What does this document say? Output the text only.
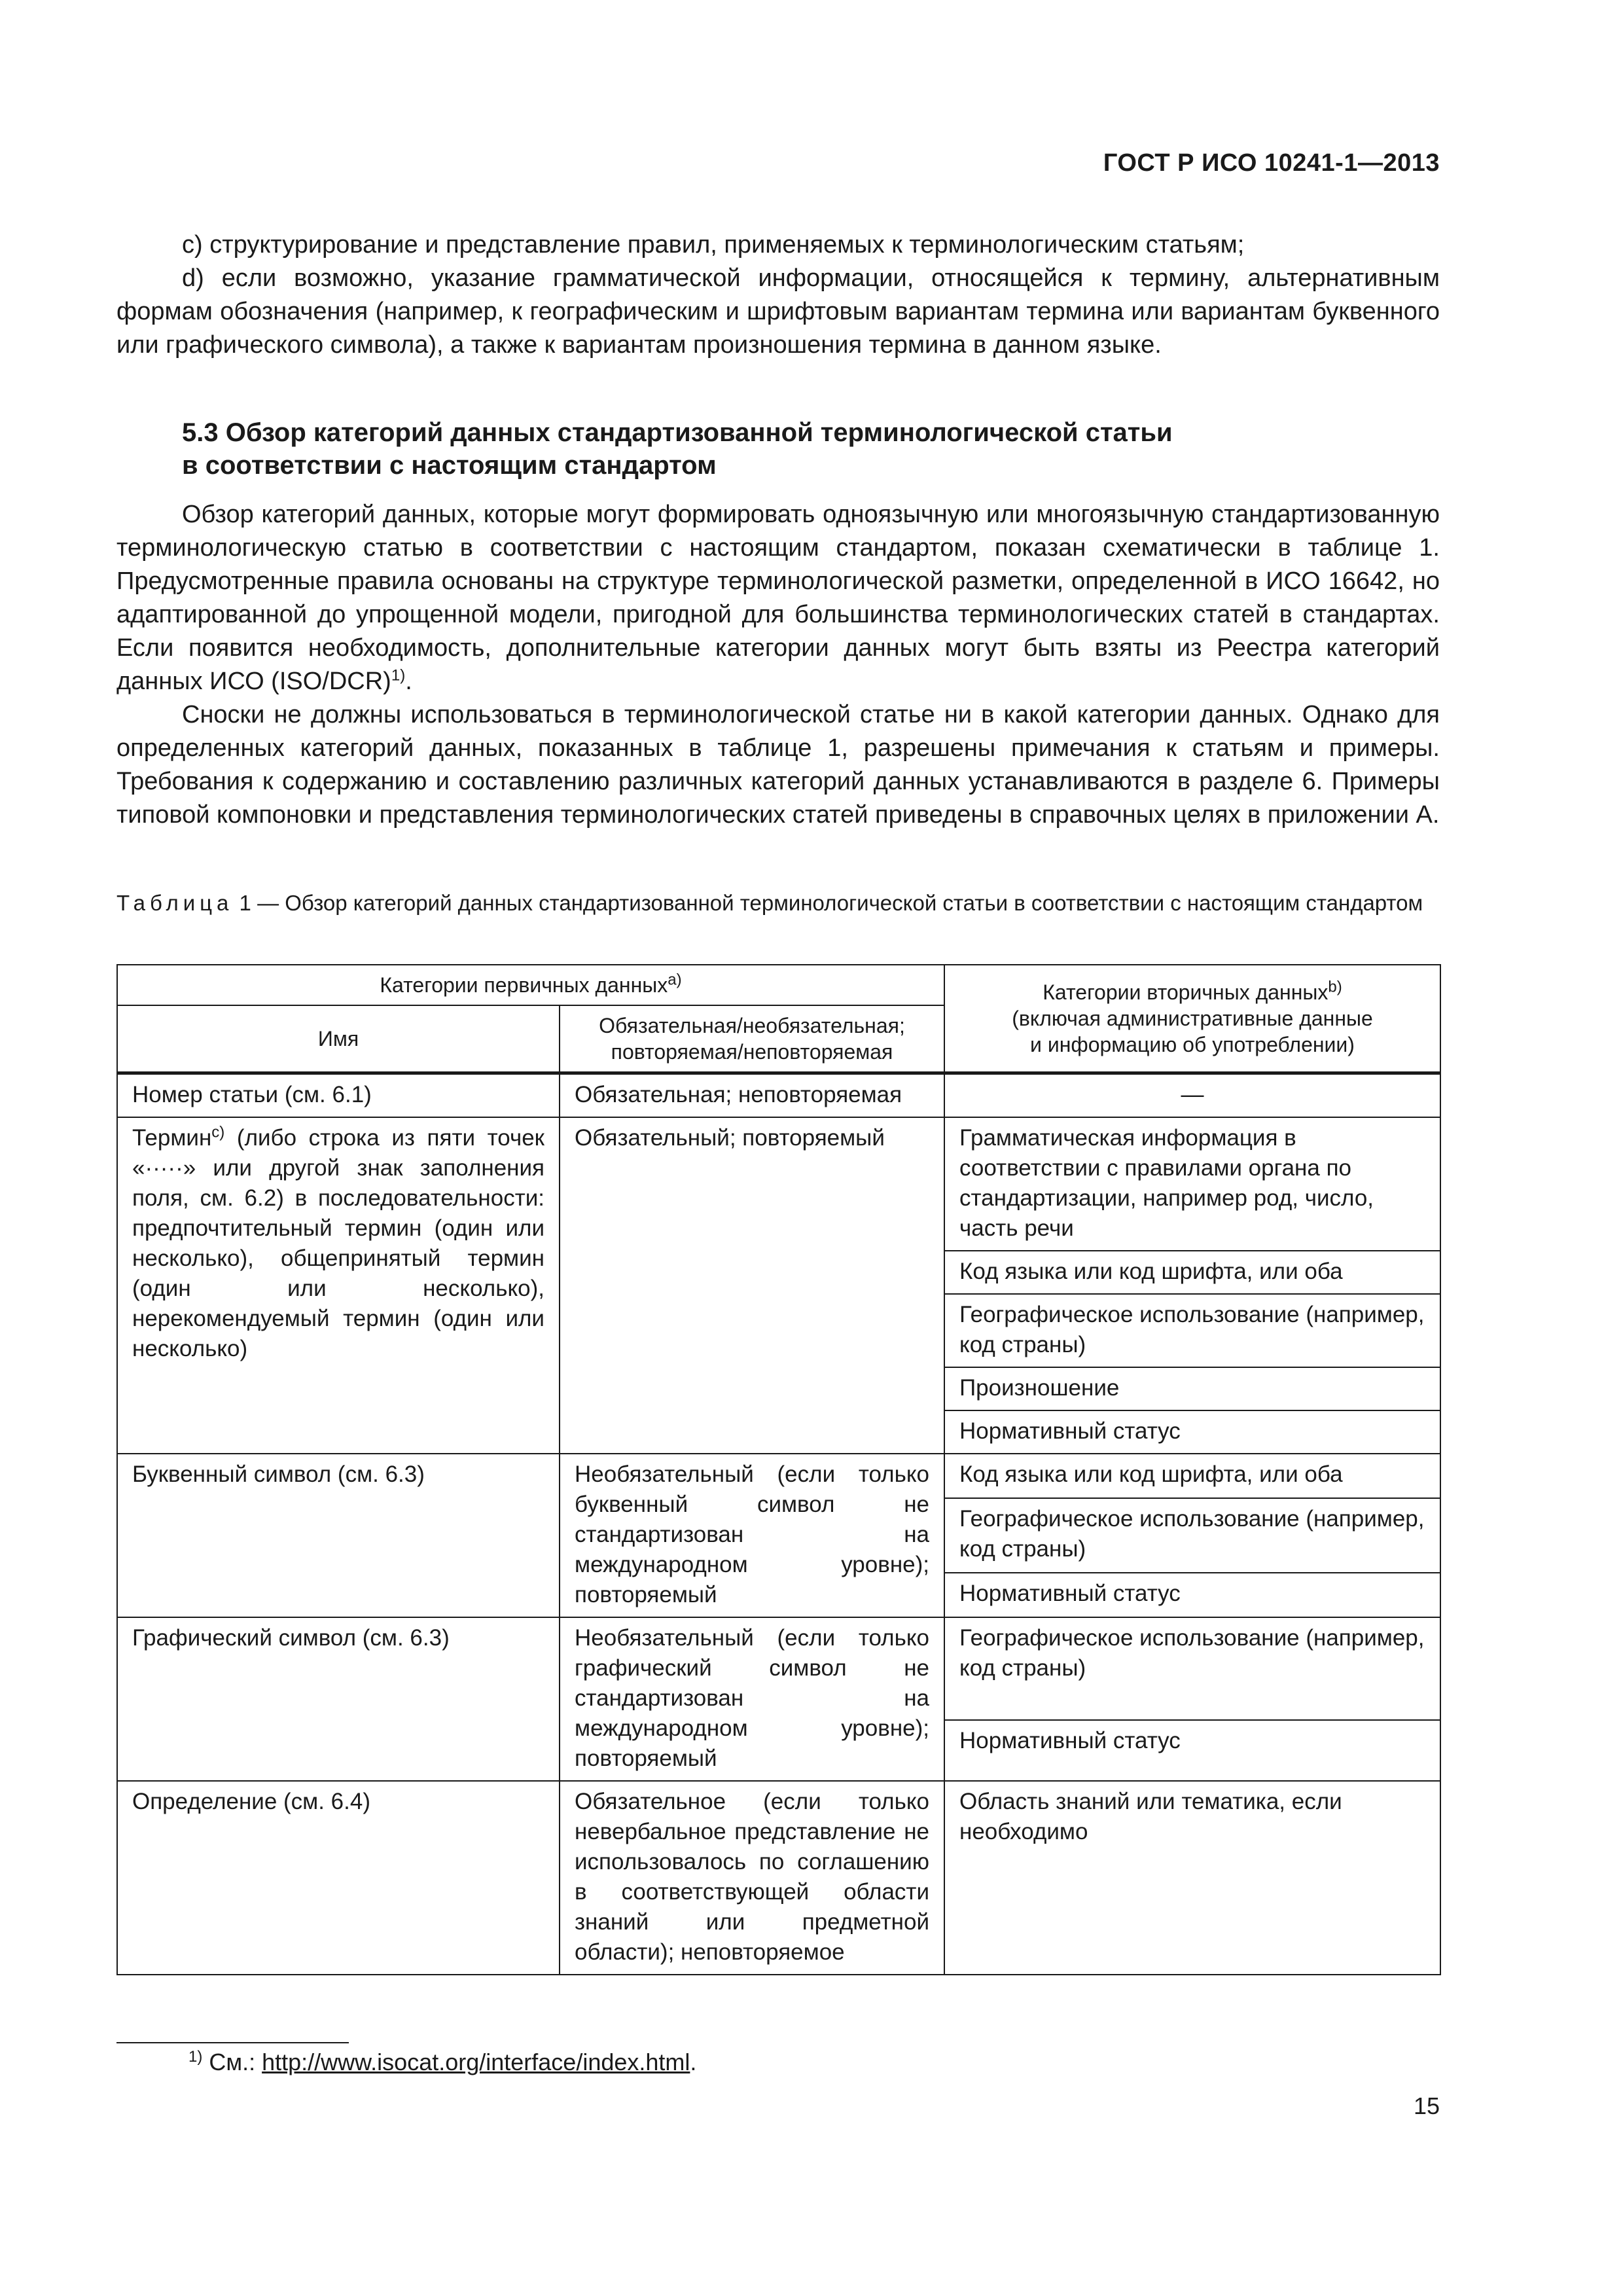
ГОСТ Р ИСО 10241-1—2013

c) структурирование и представление правил, применяемых к терминологическим статьям;

d) если возможно, указание грамматической информации, относящейся к термину, альтернативным формам обозначения (например, к географическим и шрифтовым вариантам термина или вариантам буквенного или графического символа), а также к вариантам произношения термина в данном языке.

5.3 Обзор категорий данных стандартизованной терминологической статьи
в соответствии с настоящим стандартом

Обзор категорий данных, которые могут формировать одноязычную или многоязычную стандартизованную терминологическую статью в соответствии с настоящим стандартом, показан схематически в таблице 1. Предусмотренные правила основаны на структуре терминологической разметки, определенной в ИСО 16642, но адаптированной до упрощенной модели, пригодной для большинства терминологических статей в стандартах. Если появится необходимость, дополнительные категории данных могут быть взяты из Реестра категорий данных ИСО $(ISO/DCR)^{1)}$.

Сноски не должны использоваться в терминологической статье ни в какой категории данных. Однако для определенных категорий данных, показанных в таблице 1, разрешены примечания к статьям и примеры. Требования к содержанию и составлению различных категорий данных устанавливаются в разделе 6. Примеры типовой компоновки и представления терминологических статей приведены в справочных целях в приложении А.

Таблица 1 — Обзор категорий данных стандартизованной терминологической статьи в соответствии с настоящим стандартом
Категории первичных данных$^{a)}$		Категории вторичных данных$^{b)}$
(включая административные данные
и информацию об употреблении)

Имя	Обязательная/необязательная;
повторяемая/неповторяемая	

Номер статьи (см. 6.1)	Обязательная; неповторяемая	—
Термин$^{c)}$ (либо строка из пяти точек «·····» или другой знак заполнения поля, см. 6.2) в последовательности: предпочтительный термин (один или несколько), общепринятый термин (один или несколько), нерекомендуемый термин (один или несколько)	Обязательный; повторяемый	Грамматическая информация в соответствии с правилами органа по стандартизации, например род, число, часть речи
		Код языка или код шрифта, или оба
		Географическое использование (например, код страны)
		Произношение
		Нормативный статус
Буквенный символ (см. 6.3)	Необязательный (если только буквенный символ не стандартизован на международном уровне); повторяемый	Код языка или код шрифта, или оба
		Географическое использование (например, код страны)
		Нормативный статус
Графический символ (см. 6.3)	Необязательный (если только графический символ не стандартизован на международном уровне); повторяемый	Географическое использование (например, код страны)
		Нормативный статус
Определение (см. 6.4)	Обязательное (если только невербальное представление не использовалось по соглашению в соответствующей области знаний или предметной области); неповторяемое	Область знаний или тематика, если необходимо
$^{1)}$ См.: http://www.isocat.org/interface/index.html.
15
